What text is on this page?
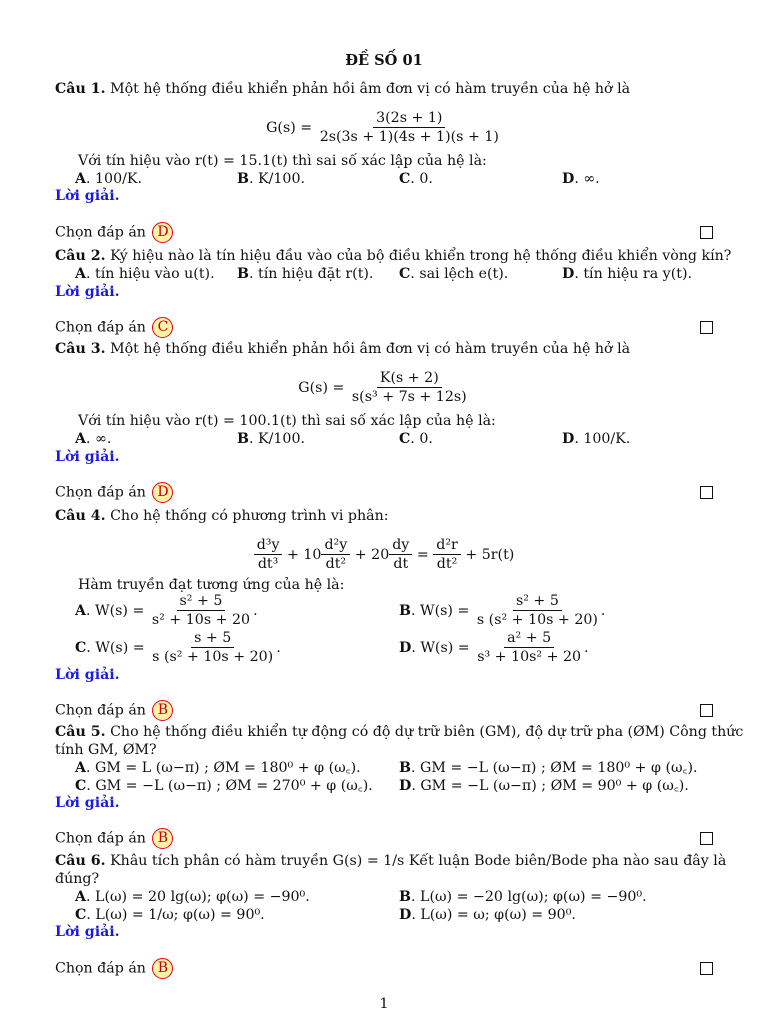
ĐỀ SỐ 01
Câu 1. Một hệ thống điều khiển phản hồi âm đơn vị có hàm truyền của hệ hở là
$G(s) = \frac{3(2s + 1)}{2s(3s + 1)(4s + 1)(s + 1)}$
Với tín hiệu vào r(t) = 15.1(t) thì sai số xác lập của hệ là:
A. 100/K.	B. K/100.	C. 0.	D. ∞.
Lời giải.
Chọn đáp án D
Câu 2. Ký hiệu nào là tín hiệu đầu vào của bộ điều khiển trong hệ thống điều khiển vòng kín?
A. tín hiệu vào u(t). B. tín hiệu đặt r(t). C. sai lệch e(t).	D. tín hiệu ra y(t).
Lời giải.
Chọn đáp án C
Câu 3. Một hệ thống điều khiển phản hồi âm đơn vị có hàm truyền của hệ hở là
$G(s) = \frac{K(s + 2)}{\text{s(s³ + 7s + 12s)}}$
Với tín hiệu vào r(t) = 100.1(t) thì sai số xác lập của hệ là:
A. ∞.	B. K/100.	C. 0.	D. 100/K.
Lời giải.
Chọn đáp án D
Câu 4. Cho hệ thống có phương trình vi phân:
$\frac{\text{d³y}}{\text{dt³}} + 10 \frac{\text{d²y}}{\text{dt²}} + 20 \frac{dy}{dt} = \frac{\text{d²r}}{\text{dt²}} + 5r(t)$
Hàm truyền đạt tương ứng của hệ là:
A. $W(s) = \frac{\text{s² + 5}}{\text{s² + 10s + 20}}$ .	B. $W(s) = \frac{\text{s² + 5}}{\text{s (s² + 10s + 20)}}$ .
C. $W(s) = \frac{s + 5}{\text{s (s² + 10s + 20)}}$ .	D. $W(s) = \frac{\text{a² + 5}}{\text{s³ + 10s² + 20}}$ .
Lời giải.
Chọn đáp án B
Câu 5. Cho hệ thống điều khiển tự động có độ dự trữ biên (GM), độ dự trữ pha (ØM) Công thức
tính GM, ØM?
A. GM = L (ω−π) ; ØM = 180⁰ + φ (ω꜀).	B. GM = −L (ω−π) ; ØM = 180⁰ + φ (ω꜀).
C. GM = −L (ω−π) ; ØM = 270⁰ + φ (ω꜀). D. GM = −L (ω−π) ; ØM = 90⁰ + φ (ω꜀).
Lời giải.
Chọn đáp án B
Câu 6. Khâu tích phân có hàm truyền G(s) = 1/s Kết luận Bode biên/Bode pha nào sau đây là
đúng?
A. L(ω) = 20 lg(ω); φ(ω) = −90⁰.	B. L(ω) = −20 lg(ω); φ(ω) = −90⁰.
C. L(ω) = 1/ω; φ(ω) = 90⁰.	D. L(ω) = ω; φ(ω) = 90⁰.
Lời giải.
Chọn đáp án B
1
